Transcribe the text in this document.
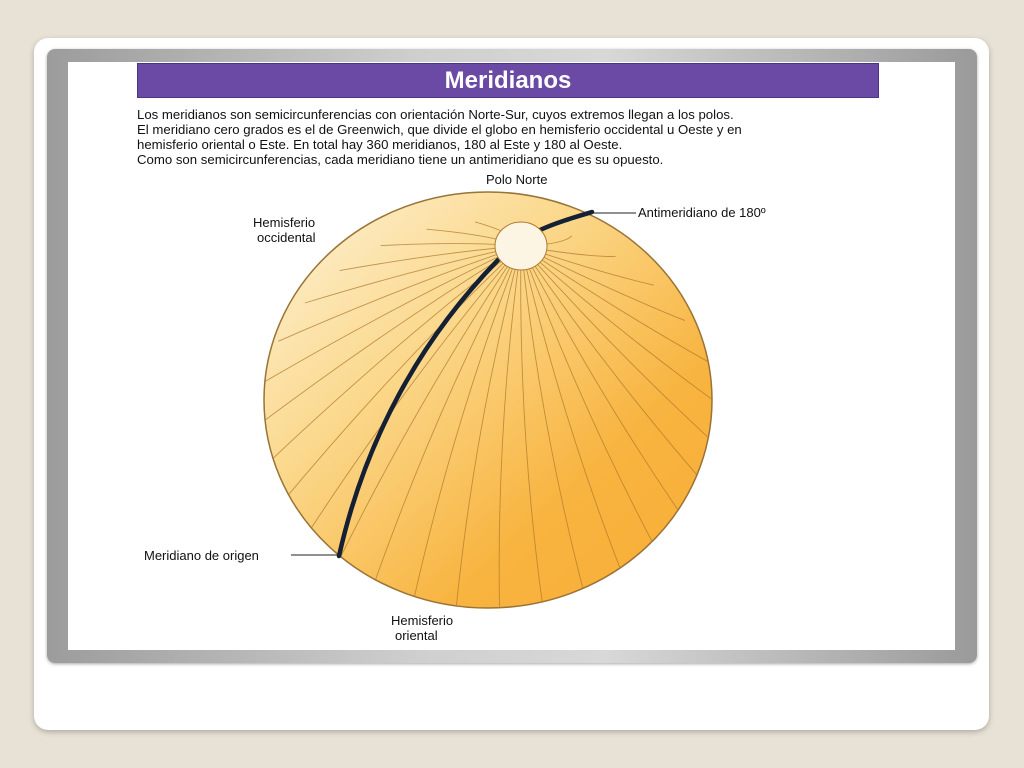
Meridianos
Los meridianos son semicircunferencias con orientación Norte-Sur, cuyos extremos llegan a los polos.
El meridiano cero grados es el de Greenwich, que divide el globo en hemisferio occidental u Oeste y en
hemisferio oriental o Este. En total hay 360 meridianos, 180 al Este y 180 al Oeste.
Como son semicircunferencias, cada meridiano tiene un antimeridiano que es su opuesto.
Polo Norte
Antimeridiano de 180º
Hemisferio
occidental
Meridiano de origen
Hemisferio
oriental
